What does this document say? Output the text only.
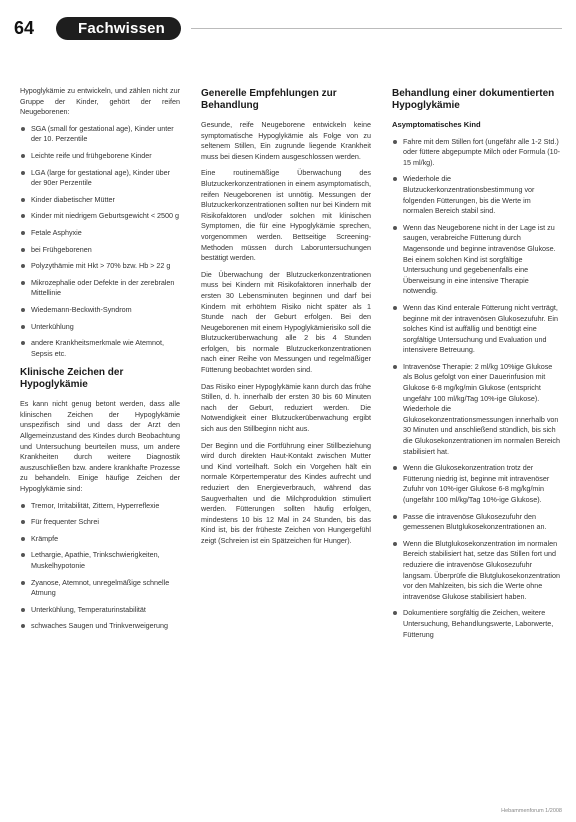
64	Fachwissen

Hypoglykämie zu entwickeln, und zählen nicht zur Gruppe der Kinder, gehört der reifen Neugeborenen:

SGA (small for gestational age), Kinder unter der 10. Perzentile
Leichte reife und frühgeborene Kinder
LGA (large for gestational age), Kinder über der 90er Perzentile
Kinder diabetischer Mütter
Kinder mit niedrigem Geburtsgewicht < 2500 g
Fetale Asphyxie
bei Frühgeborenen
Polyzythämie mit Hkt > 70% bzw. Hb > 22 g
Mikrozephalie oder Defekte in der zerebralen Mittellinie
Wiedemann-Beckwith-Syndrom
Unterkühlung
andere Krankheitsmerkmale wie Atemnot, Sepsis etc.
Klinische Zeichen der Hypoglykämie

Es kann nicht genug betont werden, dass alle klinischen Zeichen der Hypoglykämie unspezifisch sind und dass der Arzt den Allgemeinzustand des Kindes durch Beobachtung und Untersuchung beurteilen muss, um andere Krankheiten durch weitere Diagnostik auszuschließen bzw. andere krankhafte Prozesse zu behandeln. Einige häufige Zeichen der Hypoglykämie sind:

Tremor, Irritabilität, Zittern, Hyperreflexie
Für frequenter Schrei
Krämpfe
Lethargie, Apathie, Trinkschwierigkeiten, Muskelhypotonie
Zyanose, Atemnot, unregelmäßige schnelle Atmung
Unterkühlung, Temperaturinstabilität
schwaches Saugen und Trinkverweigerung
Generelle Empfehlungen zur Behandlung

Gesunde, reife Neugeborene entwickeln keine symptomatische Hypoglykämie als Folge von zu seltenem Stillen, Ein zugrunde liegende Krankheit muss bei diesen Kindern ausgeschlossen werden.

Eine routinemäßige Überwachung des Blutzuckerkonzentrationen in einem asymptomatisch, reifen Neugeborenen ist unnötig. Messungen der Blutzuckerkonzentrationen sollten nur bei Kindern mit Risikofaktoren und/oder solchen mit klinischen Symptomen, die für eine Hypoglykämie sprechen, vorgenommen werden. Bettseitige Screening-Methoden müssen durch Laboruntersuchungen bestätigt werden.

Die Überwachung der Blutzuckerkonzentrationen muss bei Kindern mit Risikofaktoren innerhalb der ersten 30 Lebensminuten beginnen und darf bei Kindern mit erhöhtem Risiko nicht später als 1 Stunde nach der Geburt erfolgen. Bei den Neugeborenen mit einem Hypoglykämierisiko soll die Blutzuckerüberwachung alle 2 bis 4 Stunden erfolgen, bis normale Blutzuckerkonzentrationen nach einer Reihe von Messungen und regelmäßiger Fütterung beobachtet worden sind.

Das Risiko einer Hypoglykämie kann durch das frühe Stillen, d. h. innerhalb der ersten 30 bis 60 Minuten nach der Geburt, reduziert werden. Die Notwendigkeit einer Blutzuckerüberwachung ergibt sich aus den Stillbeginn nicht aus.

Der Beginn und die Fortführung einer Stillbeziehung wird durch direkten Haut-Kontakt zwischen Mutter und Kind vorteilhaft. Solch ein Vorgehen hält ein normale Körpertemperatur des Kindes aufrecht und reduziert den Energieverbrauch, während das Saugverhalten und die Milchproduktion stimuliert werden. Fütterungen sollten häufig erfolgen, mindestens 10 bis 12 Mal in 24 Stunden, bis das Kind ist, bis der früheste Zeichen von Hungergefühl zeigt (Schreien ist ein Spätzeichen für Hunger).

Behandlung einer dokumentierten Hypoglykämie
Asymptomatisches Kind
Fahre mit dem Stillen fort (ungefähr alle 1-2 Std.) oder füttere abgepumpte Milch oder Formula (10-15 ml/kg).
Wiederhole die Blutzuckerkonzentrationsbestimmung vor folgenden Fütterungen, bis die Werte im normalen Bereich stabil sind.
Wenn das Neugeborene nicht in der Lage ist zu saugen, verabreiche Fütterung durch Magensonde und beginne intravenöse Glukose. Bei einem solchen Kind ist sorgfältige Untersuchung und gegebenenfalls eine Überweisung in eine intensive Therapie notwendig.
Wenn das Kind enterale Fütterung nicht verträgt, beginne mit der intravenösen Glukosezufuhr. Ein solches Kind ist auffällig und benötigt eine sorgfältige Untersuchung und Evaluation und intensivere Betreuung.
Intravenöse Therapie: 2 ml/kg 10%ige Glukose als Bolus gefolgt von einer Dauerinfusion mit Glukose 6-8 mg/kg/min Glukose (entspricht ungefähr 100 ml/kg/Tag 10%-ige Glukose). Wiederhole die Glukosekonzentrationsmessungen innerhalb von 30 Minuten und anschließend stündlich, bis sich die Glukosekonzentrationen im normalen Bereich stabilisiert hat.
Wenn die Glukosekonzentration trotz der Fütterung niedrig ist, beginne mit intravenöser Zufuhr von 10%-iger Glukose 6-8 mg/kg/min (ungefähr 100 ml/kg/Tag 10%-ige Glukose).
Passe die intravenöse Glukosezufuhr den gemessenen Blutglukosekonzentrationen an.
Wenn die Blutglukosekonzentration im normalen Bereich stabilisiert hat, setze das Stillen fort und reduziere die intravenöse Glukosezufuhr langsam. Überprüfe die Blutglukosekonzentration vor den Mahlzeiten, bis sich die Werte ohne intravenöse Glukose stabilisiert haben.
Dokumentiere sorgfältig die Zeichen, weitere Untersuchung, Behandlungswerte, Laborwerte, Fütterung
Hebammenforum 1/2008
